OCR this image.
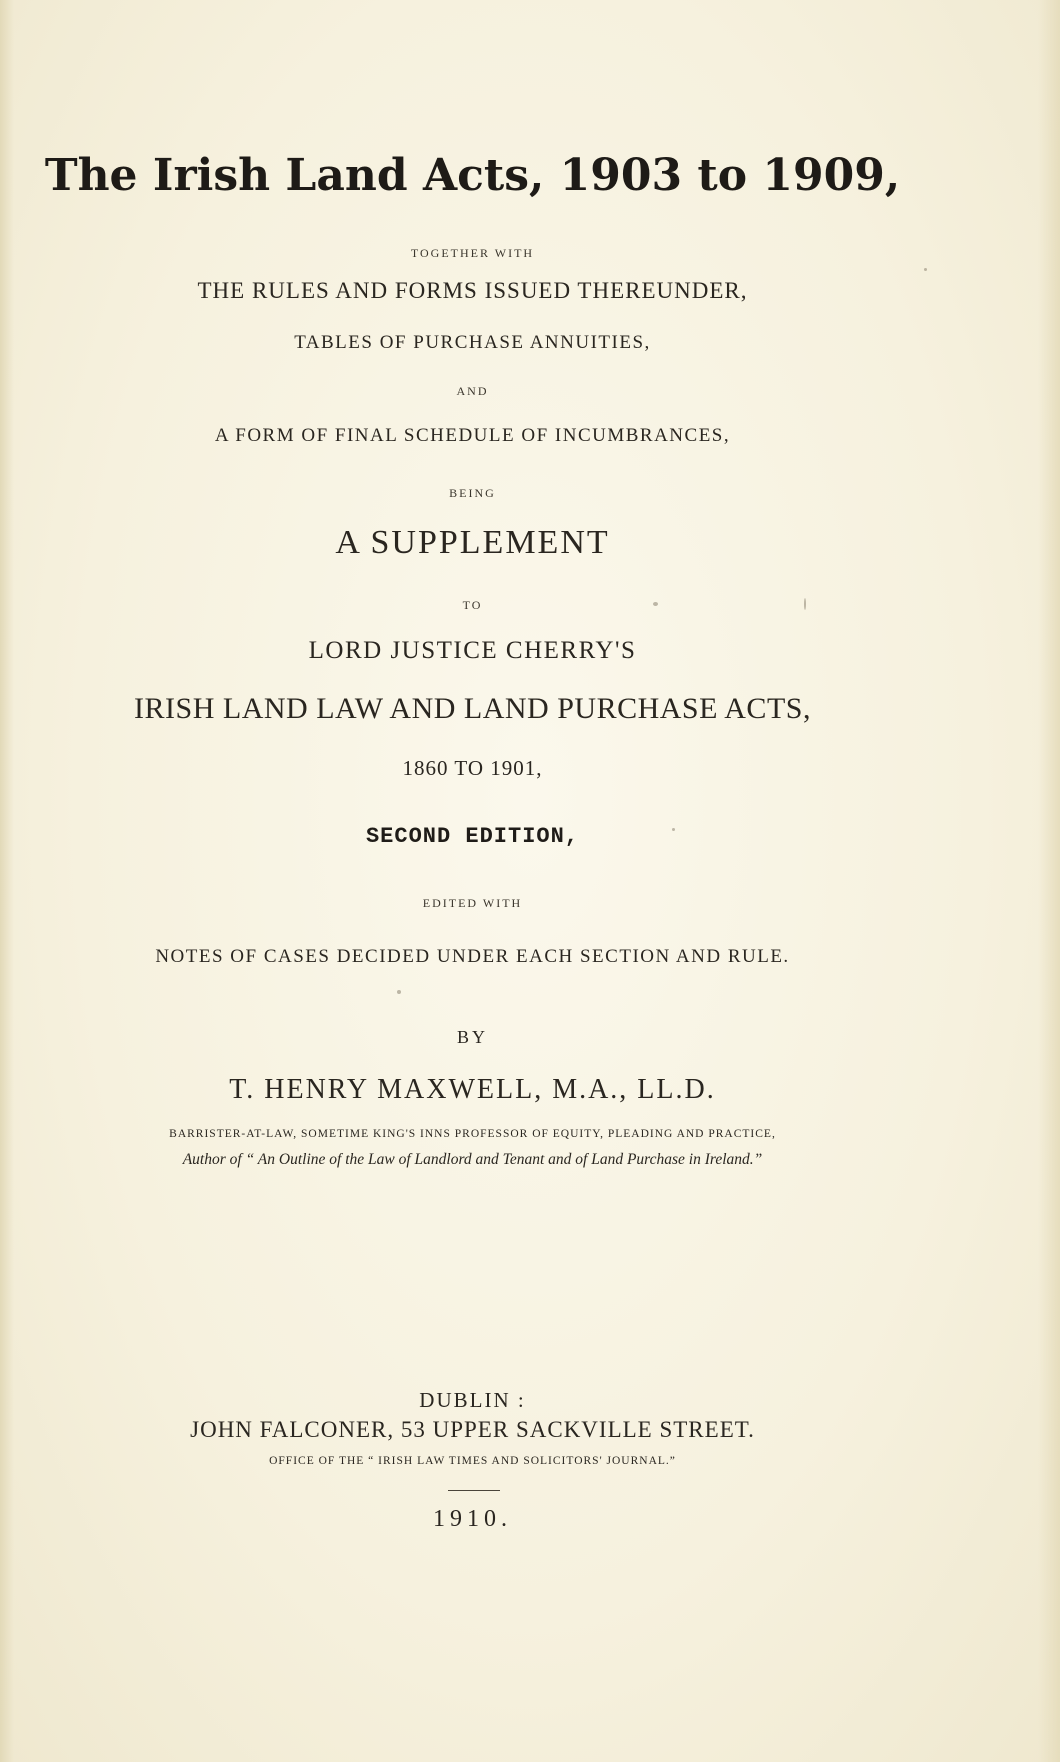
The Irish Land Acts, 1903 to 1909,
TOGETHER WITH
THE RULES AND FORMS ISSUED THEREUNDER,
TABLES OF PURCHASE ANNUITIES,
AND
A FORM OF FINAL SCHEDULE OF INCUMBRANCES,
BEING
A SUPPLEMENT
TO
LORD JUSTICE CHERRY'S
IRISH LAND LAW AND LAND PURCHASE ACTS,
1860 TO 1901,
SECOND EDITION,
EDITED WITH
NOTES OF CASES DECIDED UNDER EACH SECTION AND RULE.
BY
T. HENRY MAXWELL, M.A., LL.D.
BARRISTER-AT-LAW, SOMETIME KING'S INNS PROFESSOR OF EQUITY, PLEADING AND PRACTICE,
Author of “ An Outline of the Law of Landlord and Tenant and of Land Purchase in Ireland.”
DUBLIN :
JOHN FALCONER, 53 UPPER SACKVILLE STREET.
OFFICE OF THE “ IRISH LAW TIMES AND SOLICITORS' JOURNAL.”
1910.
